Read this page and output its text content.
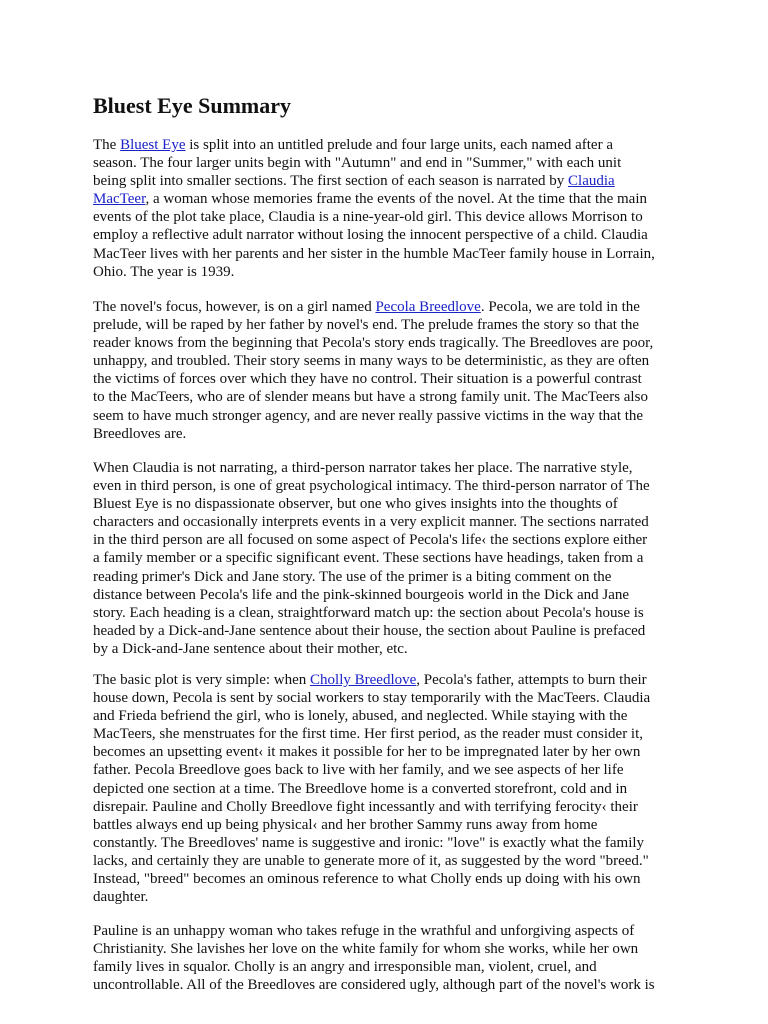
Bluest Eye Summary
The Bluest Eye is split into an untitled prelude and four large units, each named after a
season. The four larger units begin with "Autumn" and end in "Summer," with each unit
being split into smaller sections. The first section of each season is narrated by Claudia
MacTeer, a woman whose memories frame the events of the novel. At the time that the main
events of the plot take place, Claudia is a nine-year-old girl. This device allows Morrison to
employ a reflective adult narrator without losing the innocent perspective of a child. Claudia
MacTeer lives with her parents and her sister in the humble MacTeer family house in Lorrain,
Ohio. The year is 1939.
The novel's focus, however, is on a girl named Pecola Breedlove. Pecola, we are told in the
prelude, will be raped by her father by novel's end. The prelude frames the story so that the
reader knows from the beginning that Pecola's story ends tragically. The Breedloves are poor,
unhappy, and troubled. Their story seems in many ways to be deterministic, as they are often
the victims of forces over which they have no control. Their situation is a powerful contrast
to the MacTeers, who are of slender means but have a strong family unit. The MacTeers also
seem to have much stronger agency, and are never really passive victims in the way that the
Breedloves are.
When Claudia is not narrating, a third-person narrator takes her place. The narrative style,
even in third person, is one of great psychological intimacy. The third-person narrator of The
Bluest Eye is no dispassionate observer, but one who gives insights into the thoughts of
characters and occasionally interprets events in a very explicit manner. The sections narrated
in the third person are all focused on some aspect of Pecola's life‹ the sections explore either
a family member or a specific significant event. These sections have headings, taken from a
reading primer's Dick and Jane story. The use of the primer is a biting comment on the
distance between Pecola's life and the pink-skinned bourgeois world in the Dick and Jane
story. Each heading is a clean, straightforward match up: the section about Pecola's house is
headed by a Dick-and-Jane sentence about their house, the section about Pauline is prefaced
by a Dick-and-Jane sentence about their mother, etc.
The basic plot is very simple: when Cholly Breedlove, Pecola's father, attempts to burn their
house down, Pecola is sent by social workers to stay temporarily with the MacTeers. Claudia
and Frieda befriend the girl, who is lonely, abused, and neglected. While staying with the
MacTeers, she menstruates for the first time. Her first period, as the reader must consider it,
becomes an upsetting event‹ it makes it possible for her to be impregnated later by her own
father. Pecola Breedlove goes back to live with her family, and we see aspects of her life
depicted one section at a time. The Breedlove home is a converted storefront, cold and in
disrepair. Pauline and Cholly Breedlove fight incessantly and with terrifying ferocity‹ their
battles always end up being physical‹ and her brother Sammy runs away from home
constantly. The Breedloves' name is suggestive and ironic: "love" is exactly what the family
lacks, and certainly they are unable to generate more of it, as suggested by the word "breed."
Instead, "breed" becomes an ominous reference to what Cholly ends up doing with his own
daughter.
Pauline is an unhappy woman who takes refuge in the wrathful and unforgiving aspects of
Christianity. She lavishes her love on the white family for whom she works, while her own
family lives in squalor. Cholly is an angry and irresponsible man, violent, cruel, and
uncontrollable. All of the Breedloves are considered ugly, although part of the novel's work is
